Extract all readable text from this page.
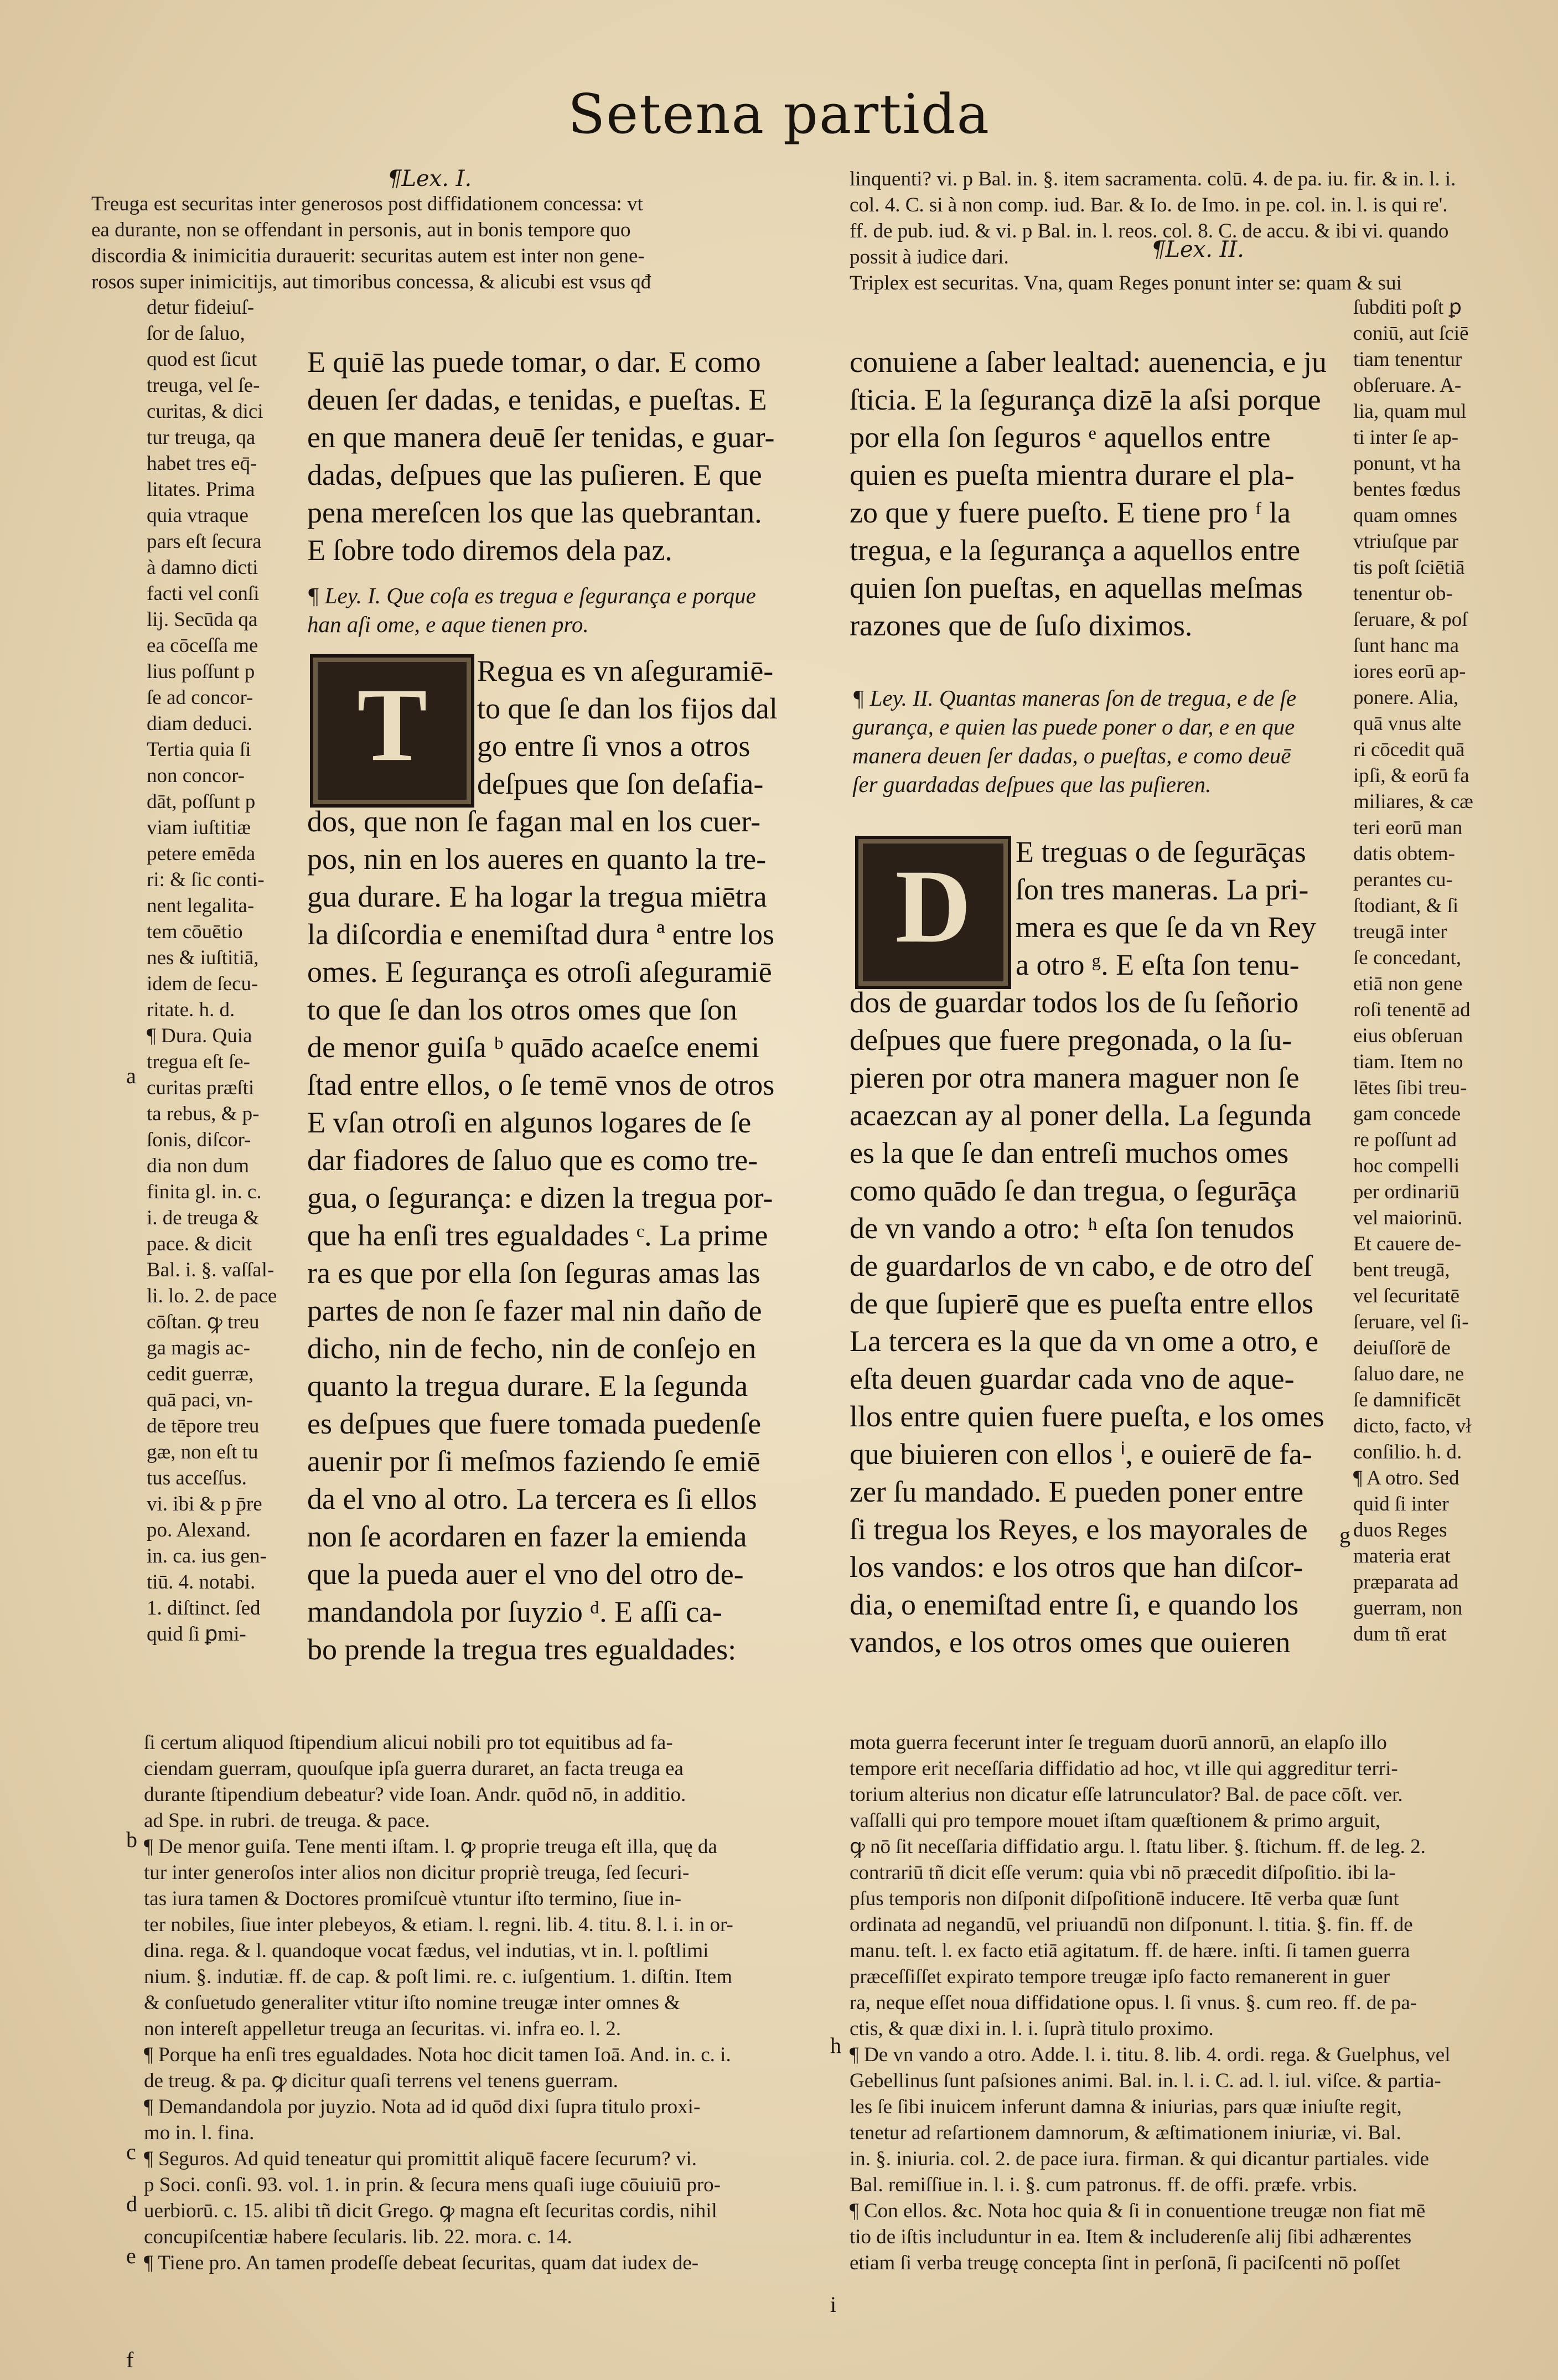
Setena partida
¶Lex. I.
¶Lex. II.
Treuga est securitas inter generosos post diffidationem concessa: vt
ea durante, non se offendant in personis, aut in bonis tempore quo
discordia & inimicitia durauerit: securitas autem est inter non gene-
rosos super inimicitijs, aut timoribus concessa, & alicubi est vsus qđ
linquenti? vi. p Bal. in. §. item sacramenta. colū. 4. de pa. iu. fir. & in. l. i.
col. 4. C. si à non comp. iud. Bar. & Io. de Imo. in pe. col. in. l. is qui re'.
ff. de pub. iud. & vi. p Bal. in. l. reos. col. 8. C. de accu. & ibi vi. quando
possit à iudice dari.
Triplex est securitas. Vna, quam Reges ponunt inter se: quam & sui
detur fideiuſ-
ſor de ſaluo,
quod est ſicut
treuga, vel ſe-
curitas, & dici
tur treuga, qa
habet tres eq̄-
litates. Prima
quia vtraque
pars eſt ſecura
à damno dicti
facti vel conſi
lij. Secūda qa
ea cōceſſa me
lius poſſunt p
ſe ad concor-
diam deduci.
Tertia quia ſi
non concor-
dāt, poſſunt p
viam iuſtitiæ
petere emēda
ri: & ſic conti-
nent legalita-
tem cōuētio
nes & iuſtitiā,
idem de ſecu-
ritate. h. d.
¶ Dura. Quia
tregua eſt ſe-
curitas præſti
ta rebus, & p-
ſonis, diſcor-
dia non dum
finita gl. in. c.
i. de treuga &
pace. & dicit
Bal. i. §. vaſſal-
li. lo. 2. de pace
cōſtan. ꝙ treu
ga magis ac-
cedit guerræ,
quā paci, vn-
de tēpore treu
gæ, non eſt tu
tus acceſſus.
vi. ibi & p p̄re
po. Alexand.
in. ca. ius gen-
tiū. 4. notabi.
1. diſtinct. ſed
quid ſi ꝑmi-
ſubditi poſt ꝑ
coniū, aut ſciē
tiam tenentur
obſeruare. A-
lia, quam mul
ti inter ſe ap-
ponunt, vt ha
bentes fœdus
quam omnes
vtriuſque par
tis poſt ſciētiā
tenentur ob-
ſeruare, & poſ
ſunt hanc ma
iores eorū ap-
ponere. Alia,
quā vnus alte
ri cōcedit quā
ipſi, & eorū fa
miliares, & cæ
teri eorū man
datis obtem-
perantes cu-
ſtodiant, & ſi
treugā inter
ſe concedant,
etiā non gene
roſi tenentē ad
eius obſeruan
tiam. Item no
lētes ſibi treu-
gam concede
re poſſunt ad
hoc compelli
per ordinariū
vel maiorinū.
Et cauere de-
bent treugā,
vel ſecuritatē
ſeruare, vel ſi-
deiuſſorē de
ſaluo dare, ne
ſe damnificēt
dicto, facto, vł
conſilio. h. d.
¶ A otro. Sed
quid ſi inter
duos Reges
materia erat
præparata ad
guerram, non
dum tñ erat
a
b
c
d
e
f
g
h
i
E quiē las puede tomar, o dar. E como
deuen ſer dadas, e tenidas, e pueſtas. E
en que manera deuē ſer tenidas, e guar-
dadas, deſpues que las puſieren. E que
pena mereſcen los que las quebrantan.
E ſobre todo diremos dela paz.
¶ Ley. I. Que coſa es tregua e ſegurança e porque
han aſi ome, e aque tienen pro.
T	Regua es vn aſeguramiē-
to que ſe dan los fijos dal
go entre ſi vnos a otros
deſpues que ſon deſafia-
dos, que non ſe fagan mal en los cuer-
pos, nin en los aueres en quanto la tre-
gua durare. E ha logar la tregua miētra
la diſcordia e enemiſtad dura ª entre los
omes. E ſegurança es otroſi aſeguramiē
to que ſe dan los otros omes que ſon
de menor guiſa ᵇ quādo acaeſce enemi
ſtad entre ellos, o ſe temē vnos de otros
E vſan otroſi en algunos logares de ſe
dar fiadores de ſaluo que es como tre-
gua, o ſegurança: e dizen la tregua por-
que ha enſi tres egualdades ᶜ. La prime
ra es que por ella ſon ſeguras amas las
partes de non ſe fazer mal nin daño de
dicho, nin de fecho, nin de conſejo en
quanto la tregua durare. E la ſegunda
es deſpues que fuere tomada puedenſe
auenir por ſi meſmos faziendo ſe emiē
da el vno al otro. La tercera es ſi ellos
non ſe acordaren en fazer la emienda
que la pueda auer el vno del otro de-
mandandola por ſuyzio ᵈ. E aſſi ca-
bo prende la tregua tres egualdades:
conuiene a ſaber lealtad: auenencia, e ju
ſticia. E la ſegurança dizē la aſsi porque
por ella ſon ſeguros ᵉ aquellos entre
quien es pueſta mientra durare el pla-
zo que y fuere pueſto. E tiene pro ᶠ la
tregua, e la ſegurança a aquellos entre
quien ſon pueſtas, en aquellas meſmas
razones que de ſuſo diximos.
¶ Ley. II. Quantas maneras ſon de tregua, e de ſe
gurança, e quien las puede poner o dar, e en que
manera deuen ſer dadas, o pueſtas, e como deuē
ſer guardadas deſpues que las puſieren.
D	E treguas o de ſegurāças
ſon tres maneras. La pri-
mera es que ſe da vn Rey
a otro ᵍ. E eſta ſon tenu-
dos de guardar todos los de ſu ſeñorio
deſpues que fuere pregonada, o la ſu-
pieren por otra manera maguer non ſe
acaezcan ay al poner della. La ſegunda
es la que ſe dan entreſi muchos omes
como quādo ſe dan tregua, o ſegurāça
de vn vando a otro: ʰ eſta ſon tenudos
de guardarlos de vn cabo, e de otro deſ
de que ſupierē que es pueſta entre ellos
La tercera es la que da vn ome a otro, e
eſta deuen guardar cada vno de aque-
llos entre quien fuere pueſta, e los omes
que biuieren con ellos ⁱ, e ouierē de fa-
zer ſu mandado. E pueden poner entre
ſi tregua los Reyes, e los mayorales de
los vandos: e los otros que han diſcor-
dia, o enemiſtad entre ſi, e quando los
vandos, e los otros omes que ouieren
ſi certum aliquod ſtipendium alicui nobili pro tot equitibus ad fa-
ciendam guerram, quouſque ipſa guerra duraret, an facta treuga ea
durante ſtipendium debeatur? vide Ioan. Andr. quōd nō, in additio.
ad Spe. in rubri. de treuga. & pace.
¶ De menor guiſa. Tene menti iſtam. l. ꝙ proprie treuga eſt illa, quę da
tur inter generoſos inter alios non dicitur propriè treuga, ſed ſecuri-
tas iura tamen & Doctores promiſcuè vtuntur iſto termino, ſiue in-
ter nobiles, ſiue inter plebeyos, & etiam. l. regni. lib. 4. titu. 8. l. i. in or-
dina. rega. & l. quandoque vocat fædus, vel indutias, vt in. l. poſtlimi
nium. §. indutiæ. ff. de cap. & poſt limi. re. c. iuſgentium. 1. diſtin. Item
& conſuetudo generaliter vtitur iſto nomine treugæ inter omnes &
non intereſt appelletur treuga an ſecuritas. vi. infra eo. l. 2.
¶ Porque ha enſi tres egualdades. Nota hoc dicit tamen Ioā. And. in. c. i.
de treug. & pa. ꝙ dicitur quaſi terrens vel tenens guerram.
¶ Demandandola por juyzio. Nota ad id quōd dixi ſupra titulo proxi-
mo in. l. fina.
¶ Seguros. Ad quid teneatur qui promittit aliquē facere ſecurum? vi.
p Soci. conſi. 93. vol. 1. in prin. & ſecura mens quaſi iuge cōuiuiū pro-
uerbiorū. c. 15. alibi tñ dicit Grego. ꝙ magna eſt ſecuritas cordis, nihil
concupiſcentiæ habere ſecularis. lib. 22. mora. c. 14.
¶ Tiene pro. An tamen prodeſſe debeat ſecuritas, quam dat iudex de-
mota guerra fecerunt inter ſe treguam duorū annorū, an elapſo illo
tempore erit neceſſaria diffidatio ad hoc, vt ille qui aggreditur terri-
torium alterius non dicatur eſſe latrunculator? Bal. de pace cōſt. ver.
vaſſalli qui pro tempore mouet iſtam quæſtionem & primo arguit,
ꝙ nō ſit neceſſaria diffidatio argu. l. ſtatu liber. §. ſtichum. ff. de leg. 2.
contrariū tñ dicit eſſe verum: quia vbi nō præcedit diſpoſitio. ibi la-
pſus temporis non diſponit diſpoſitionē inducere. Itē verba quæ ſunt
ordinata ad negandū, vel priuandū non diſponunt. l. titia. §. fin. ff. de
manu. teſt. l. ex facto etiā agitatum. ff. de hære. inſti. ſi tamen guerra
præceſſiſſet expirato tempore treugæ ipſo facto remanerent in guer
ra, neque eſſet noua diffidatione opus. l. ſi vnus. §. cum reo. ff. de pa-
ctis, & quæ dixi in. l. i. ſuprà titulo proximo.
¶ De vn vando a otro. Adde. l. i. titu. 8. lib. 4. ordi. rega. & Guelphus, vel
Gebellinus ſunt paſsiones animi. Bal. in. l. i. C. ad. l. iul. viſce. & partia-
les ſe ſibi inuicem inferunt damna & iniurias, pars quæ iniuſte regit,
tenetur ad reſartionem damnorum, & æſtimationem iniuriæ, vi. Bal.
in. §. iniuria. col. 2. de pace iura. firman. & qui dicantur partiales. vide
Bal. remiſſiue in. l. i. §. cum patronus. ff. de offi. præfe. vrbis.
¶ Con ellos. &c. Nota hoc quia & ſi in conuentione treugæ non fiat mē
tio de iſtis includuntur in ea. Item & includerenſe alij ſibi adhærentes
etiam ſi verba treugę concepta ſint in perſonā, ſi paciſcenti nō poſſet
